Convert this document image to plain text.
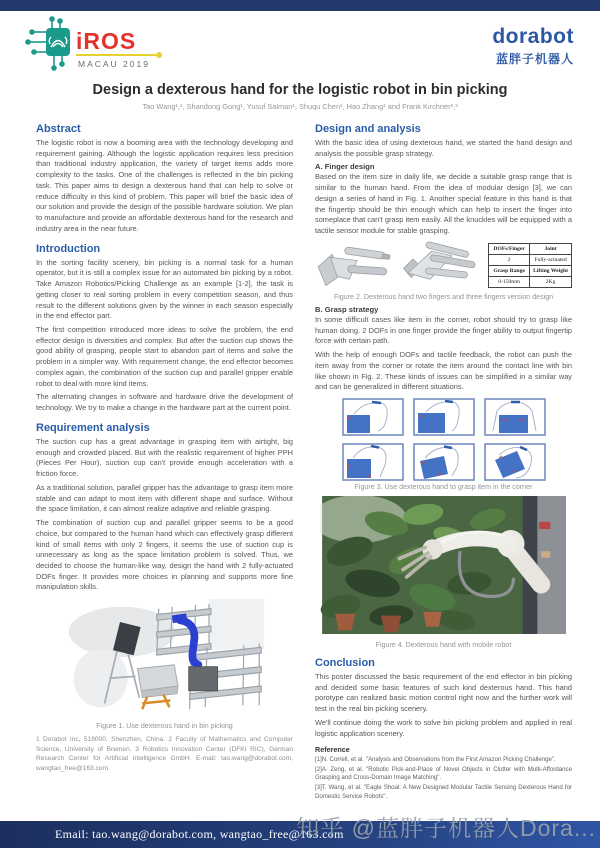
iROS
MACAU 2019
dorabot
蓝胖子机器人
Design a dexterous hand for the logistic robot in bin picking
Tao Wang¹,², Shandong Gong¹, Yusuf Salman¹, Shuqu Chen¹, Hao Zhang¹ and Frank Kirchner²,³
Abstract

The logistic robot is now a booming area with the technology developing and requirement gaining. Although the logistic application requires less precision than traditional industry application, the variety of target items adds more complexity to the tasks. One of the challenges is reflected in the bin picking task. This paper aims to design a dexterous hand that can help to solve or reduce difficulty in this kind of problem. This paper will brief the basic idea of our solution and provide the design of the possible hardware solution. We plan to manufacture and provide an affordable dexterous hand for the research and industry area in the near future.

Introduction

In the sorting facility scenery, bin picking is a normal task for a human operator, but it is still a complex issue for an automated bin picking by a robot. Take Amazon Robotics/Picking Challenge as an example [1-2], the task is getting closer to real sorting problem in every competition season, and thus result to the different solutions given by the winner in each season especially in the end effector part.

The first competition introduced more ideas to solve the problem, the end effector design is diversities and complex. But after the suction cup shows the good ability of grasping, people start to abandon part of items and solve the problem in a simpler way. With requirement change, the end effector becomes complex again, the combination of the suction cup and parallel gripper enable robot to deal with more kind items.

The alternating changes in software and hardware drive the development of technology. We try to make a change in the hardware part at the current point.

Requirement analysis

The suction cup has a great advantage in grasping item with airtight, big enough and crowded placed. But with the realistic requirement of higher PPH (Pieces Per Hour), suction cup can't provide enough acceleration with a friction force.

As a traditional solution, parallel gripper has the advantage to grasp item more stable and can adapt to most item with different shape and surface. Without the space limitation, it can almost realize adaptive and reliable grasping.

The combination of suction cup and parallel gripper seems to be a good choice, but compared to the human hand which can effectively grasp different kind of small items with only 2 fingers, it seems the use of suction cup is unnecessary as long as the space limitation problem is solved. Thus, we decided to choose the human-like way, design the hand with 2 fully-actuated DOFs finger. It provides more choices in planning and supports more fine manipulation skills.

Figure 1. Use dexterous hand in bin picking
1 Dorabot Inc, 518000, Shenzhen, China. 2 Faculty of Mathematics and Computer Science, University of Bremen. 3 Robotics Innovation Center (DFKI RIC), German Research Center for Artificial Intelligence GmbH. E-mail: tao.wang@dorabot.com, wangtao_free@163.com.
Design and analysis

With the basic idea of using dexterous hand, we started the hand design and analysis the possible grasp strategy.

A. Finger design

Based on the item size in daily life, we decide a suitable grasp range that is similar to the human hand. From the idea of modular design [3], we can design a series of hand in Fig. 1. Another special feature in this hand is that the fingertip should be thin enough which can help to insert the finger into someplace that can't grasp item easily. All the knuckles will be equipped with a tactile sensor module for stable grasping.

DOFs/Finger	Joint
2	Fully-actuated
Grasp Range	Lifting Weight
0-150mm	2Kg
Figure 2. Dexterous hand two fingers and three fingers version design
B. Grasp strategy

In some difficult cases like item in the corner, robot should try to grasp like human doing. 2 DOFs in one finger provide the finger ability to output fingertip force with certain path.

With the help of enough DOFs and tactile feedback, the robot can push the item away from the corner or rotate the item around the contact line with bin like shown in Fig. 2. These kinds of issues can be simplified in a similar way and can be generalized in different situations.

Figure 3. Use dexterous hand to grasp item in the corner
Figure 4. Dexterous hand with mobile robot
Conclusion

This poster discussed the basic requirement of the end effector in bin picking and decided some basic features of such kind dexterous hand. This hand porotype can realized basic motion control right now and the further work will test in the real bin picking scenery.

We'll continue doing the work to solve bin picking problem and applied in real logistic application scenery.

Reference

[1]N. Correll, et al. "Analysis and Observations from the First Amazon Picking Challenge".

[2]A. Zeng, et al. "Robotic Pick-and-Place of Novel Objects in Clutter with Multi-Affordance Grasping and Cross-Domain Image Matching".

[3]T. Wang, et al. "Eagle Shoal: A New Designed Modular Tactile Sensing Dexterous Hand for Domestic Service Robots".

知乎 @蓝胖子机器人Dora...
Email: tao.wang@dorabot.com, wangtao_free@163.com
